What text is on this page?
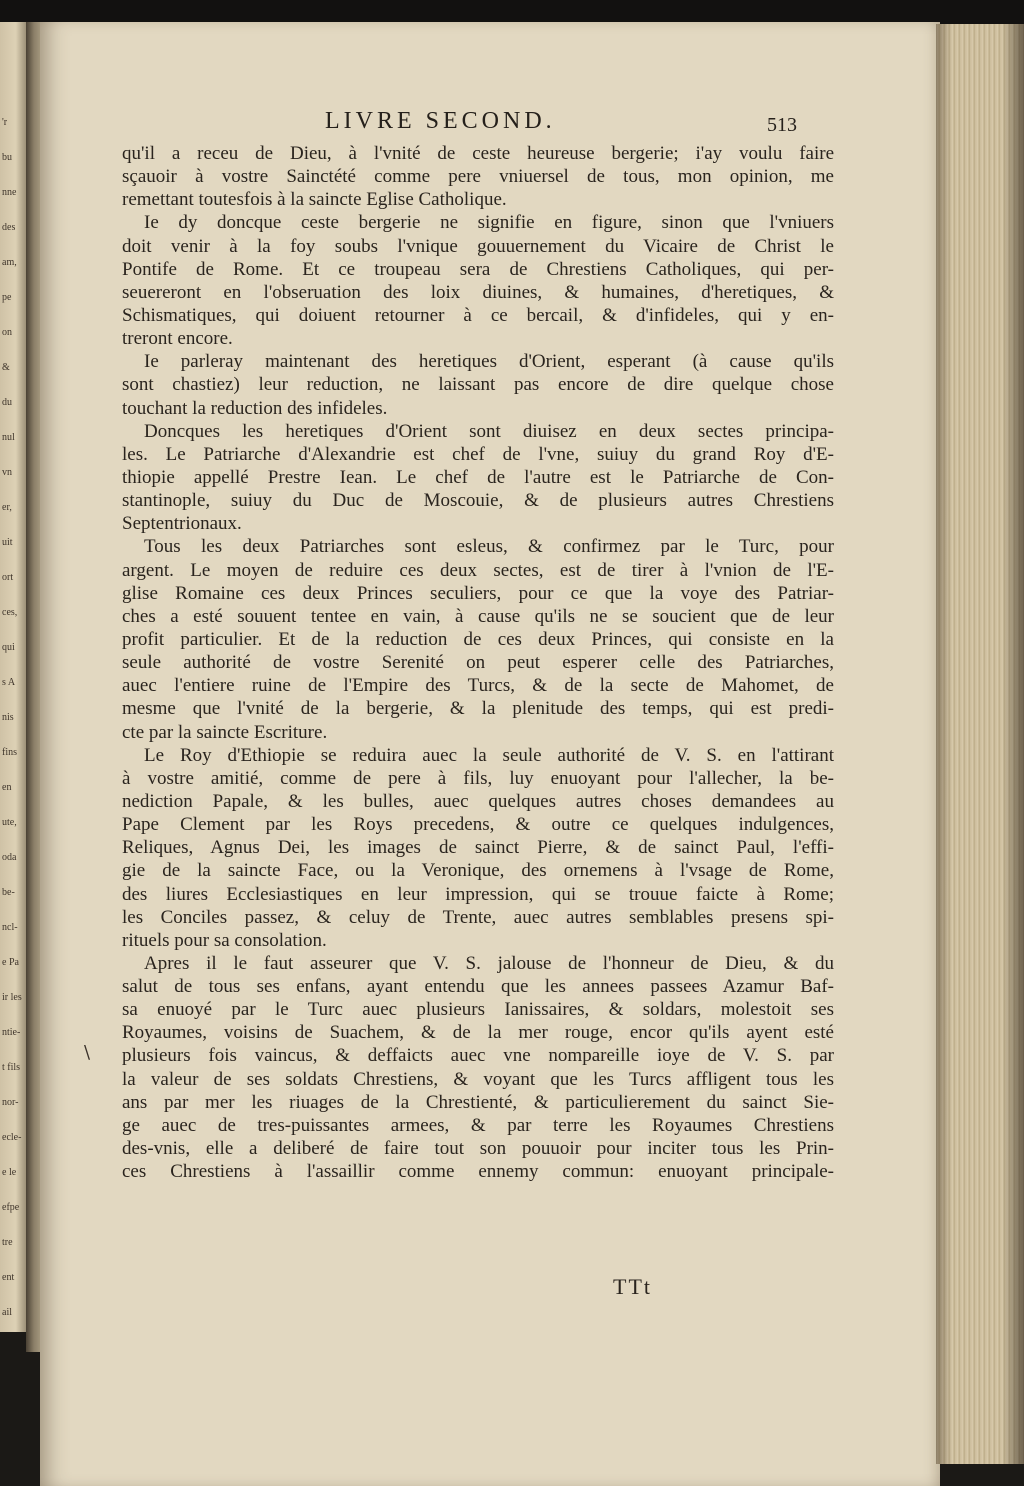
'r
bu
nne
des
am,
pe
on
&
du
nul
vn
er,
uit
ort
ces,
qui
s A
nis
fins
en
ute,
oda
be-
ncl-
e Pa
ir les
ntie-
t fils
nor-
ecle-
e le
efpe
tre
ent
ail
LIVRE SECOND.	513
qu'il a receu de Dieu, à l'vnité de ceste heureuse bergerie; i'ay voulu faire
sçauoir à vostre Sainctété comme pere vniuersel de tous, mon opinion, me
remettant toutesfois à la saincte Eglise Catholique.
Ie dy doncque ceste bergerie ne signifie en figure, sinon que l'vniuers
doit venir à la foy soubs l'vnique gouuernement du Vicaire de Christ le
Pontife de Rome. Et ce troupeau sera de Chrestiens Catholiques, qui per-
seuereront en l'obseruation des loix diuines, & humaines, d'heretiques, &
Schismatiques, qui doiuent retourner à ce bercail, & d'infideles, qui y en-
treront encore.
Ie parleray maintenant des heretiques d'Orient, esperant (à cause qu'ils
sont chastiez) leur reduction, ne laissant pas encore de dire quelque chose
touchant la reduction des infideles.
Doncques les heretiques d'Orient sont diuisez en deux sectes principa-
les. Le Patriarche d'Alexandrie est chef de l'vne, suiuy du grand Roy d'E-
thiopie appellé Prestre Iean. Le chef de l'autre est le Patriarche de Con-
stantinople, suiuy du Duc de Moscouie, & de plusieurs autres Chrestiens
Septentrionaux.
Tous les deux Patriarches sont esleus, & confirmez par le Turc, pour
argent. Le moyen de reduire ces deux sectes, est de tirer à l'vnion de l'E-
glise Romaine ces deux Princes seculiers, pour ce que la voye des Patriar-
ches a esté souuent tentee en vain, à cause qu'ils ne se soucient que de leur
profit particulier. Et de la reduction de ces deux Princes, qui consiste en la
seule authorité de vostre Serenité on peut esperer celle des Patriarches,
auec l'entiere ruine de l'Empire des Turcs, & de la secte de Mahomet, de
mesme que l'vnité de la bergerie, & la plenitude des temps, qui est predi-
cte par la saincte Escriture.
Le Roy d'Ethiopie se reduira auec la seule authorité de V. S. en l'attirant
à vostre amitié, comme de pere à fils, luy enuoyant pour l'allecher, la be-
nediction Papale, & les bulles, auec quelques autres choses demandees au
Pape Clement par les Roys precedens, & outre ce quelques indulgences,
Reliques, Agnus Dei, les images de sainct Pierre, & de sainct Paul, l'effi-
gie de la saincte Face, ou la Veronique, des ornemens à l'vsage de Rome,
des liures Ecclesiastiques en leur impression, qui se trouue faicte à Rome;
les Conciles passez, & celuy de Trente, auec autres semblables presens spi-
rituels pour sa consolation.
Apres il le faut asseurer que V. S. jalouse de l'honneur de Dieu, & du
salut de tous ses enfans, ayant entendu que les annees passees Azamur Baf-
sa enuoyé par le Turc auec plusieurs Ianissaires, & soldars, molestoit ses
Royaumes, voisins de Suachem, & de la mer rouge, encor qu'ils ayent esté
plusieurs fois vaincus, & deffaicts auec vne nompareille ioye de V. S. par
la valeur de ses soldats Chrestiens, & voyant que les Turcs affligent tous les
ans par mer les riuages de la Chrestienté, & particulierement du sainct Sie-
ge auec de tres-puissantes armees, & par terre les Royaumes Chrestiens
des-vnis, elle a deliberé de faire tout son pouuoir pour inciter tous les Prin-
ces Chrestiens à l'assaillir comme ennemy commun: enuoyant principale-
\
TTt
